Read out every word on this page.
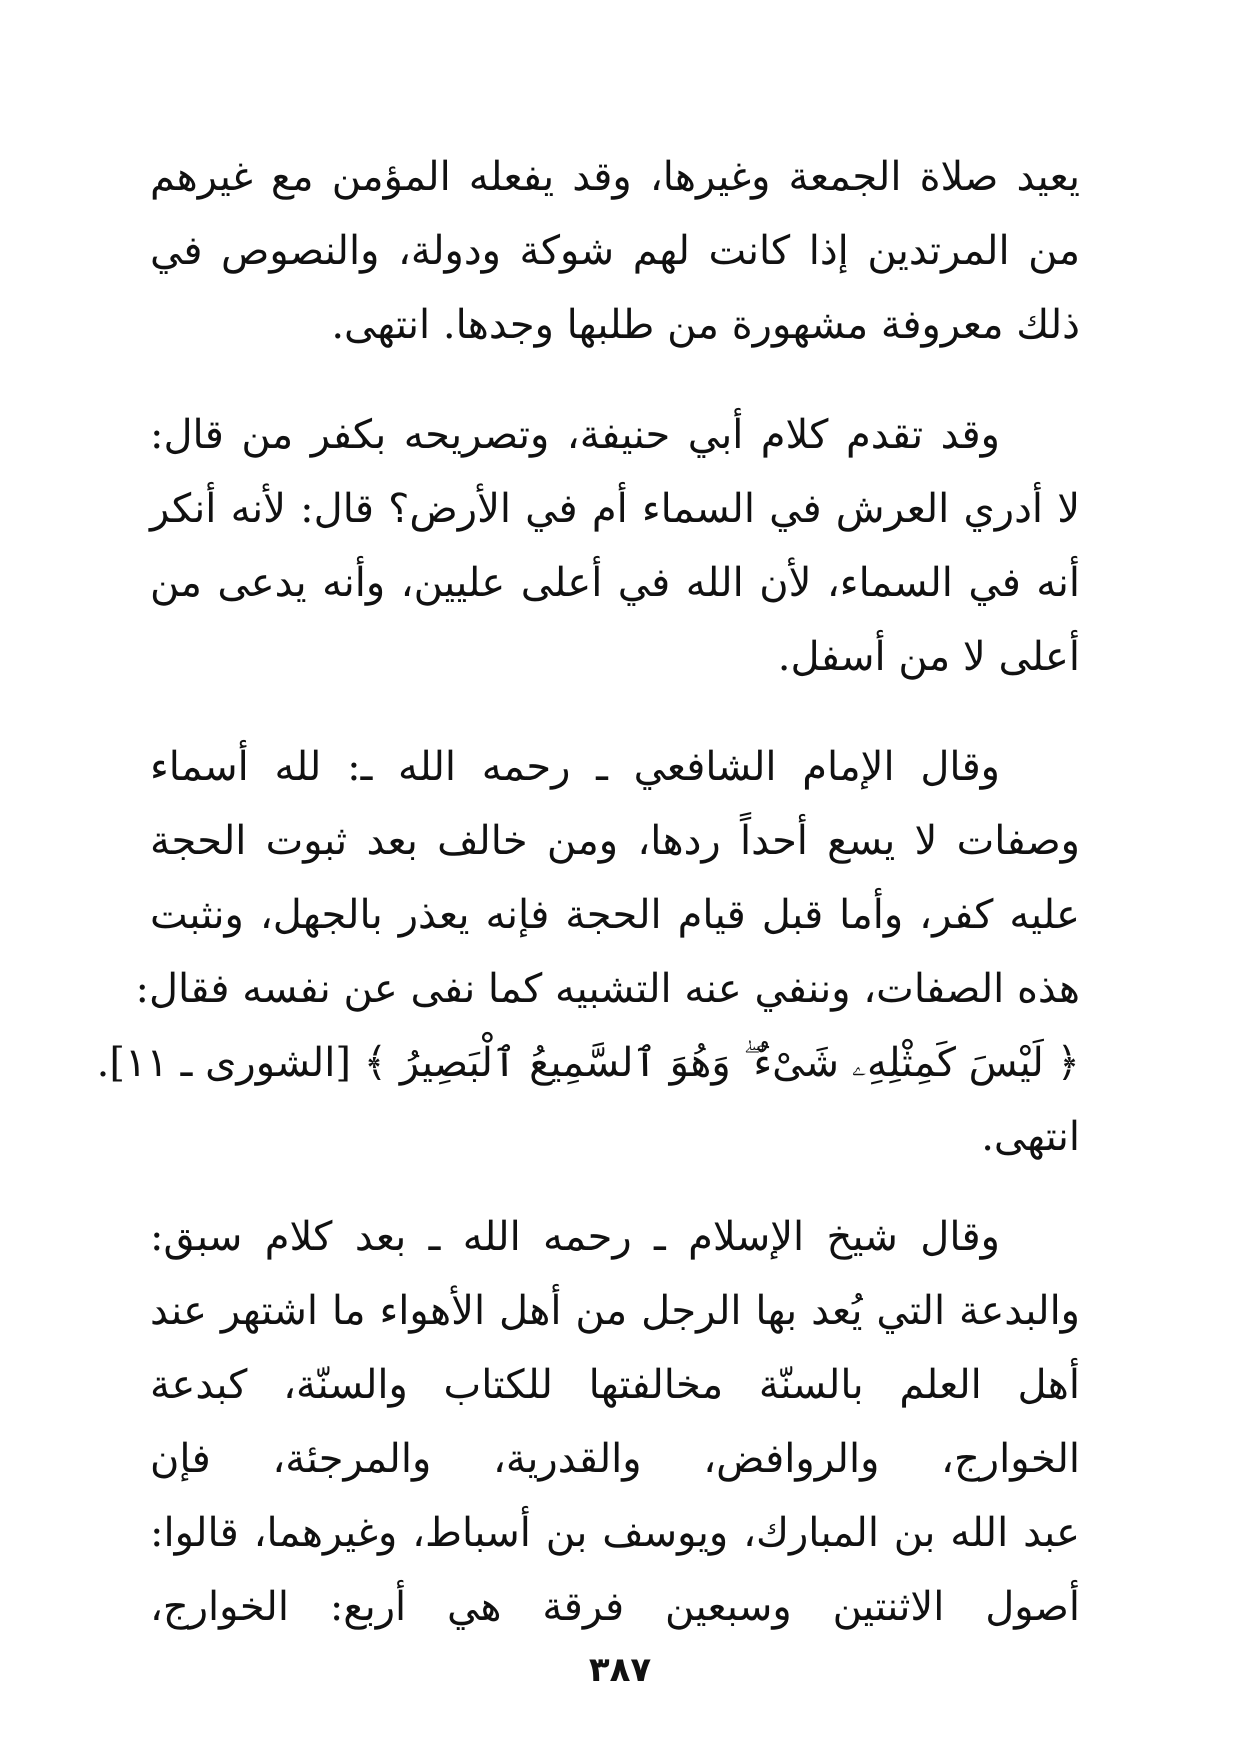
يعيد صلاة الجمعة وغيرها، وقد يفعله المؤمن مع غيرهم
من المرتدين إذا كانت لهم شوكة ودولة، والنصوص في
ذلك معروفة مشهورة من طلبها وجدها. انتهى.
وقد تقدم كلام أبي حنيفة، وتصريحه بكفر من قال:
لا أدري العرش في السماء أم في الأرض؟ قال: لأنه أنكر
أنه في السماء، لأن الله في أعلى عليين، وأنه يدعى من
أعلى لا من أسفل.
وقال الإمام الشافعي ـ رحمه الله ـ: لله أسماء
وصفات لا يسع أحداً ردها، ومن خالف بعد ثبوت الحجة
عليه كفر، وأما قبل قيام الحجة فإنه يعذر بالجهل، ونثبت
هذه الصفات، وننفي عنه التشبيه كما نفى عن نفسه فقال:
﴿ لَيْسَ كَمِثْلِهِۦ شَىْءٌ ۖ وَهُوَ ٱلسَّمِيعُ ٱلْبَصِيرُ ﴾ [الشورى ـ ١١].
انتهى.
وقال شيخ الإسلام ـ رحمه الله ـ بعد كلام سبق:
والبدعة التي يُعد بها الرجل من أهل الأهواء ما اشتهر عند
أهل العلم بالسنّة مخالفتها للكتاب والسنّة، كبدعة
الخوارج، والروافض، والقدرية، والمرجئة، فإن
عبد الله بن المبارك، ويوسف بن أسباط، وغيرهما، قالوا:
أصول الاثنتين وسبعين فرقة هي أربع: الخوارج،
٣٨٧
